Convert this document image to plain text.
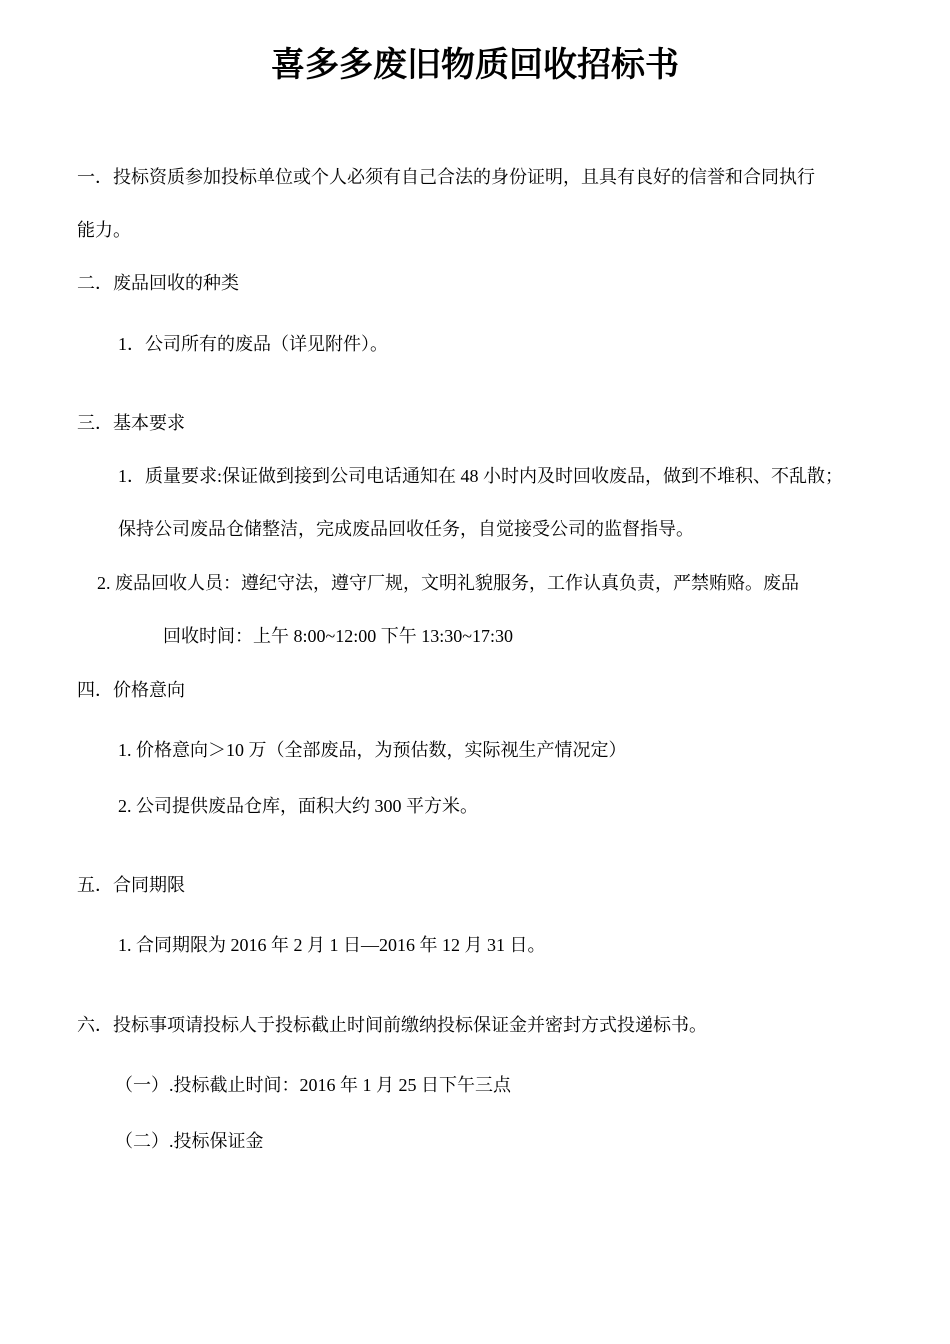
喜多多废旧物质回收招标书
一．投标资质参加投标单位或个人必须有自己合法的身份证明，且具有良好的信誉和合同执行
能力。
二．废品回收的种类
1．公司所有的废品（详见附件）。
三．基本要求
1．质量要求:保证做到接到公司电话通知在 48 小时内及时回收废品，做到不堆积、不乱散；
保持公司废品仓储整洁，完成废品回收任务，自觉接受公司的监督指导。
2. 废品回收人员：遵纪守法，遵守厂规，文明礼貌服务，工作认真负责，严禁贿赂。废品
回收时间：上午 8:00~12:00 下午 13:30~17:30
四．价格意向
1. 价格意向＞10 万（全部废品，为预估数，实际视生产情况定）
2. 公司提供废品仓库，面积大约 300 平方米。
五．合同期限
1. 合同期限为 2016 年 2 月 1 日—2016 年 12 月 31 日。
六．投标事项请投标人于投标截止时间前缴纳投标保证金并密封方式投递标书。
（一）.投标截止时间：2016 年 1 月 25 日下午三点
（二）.投标保证金
